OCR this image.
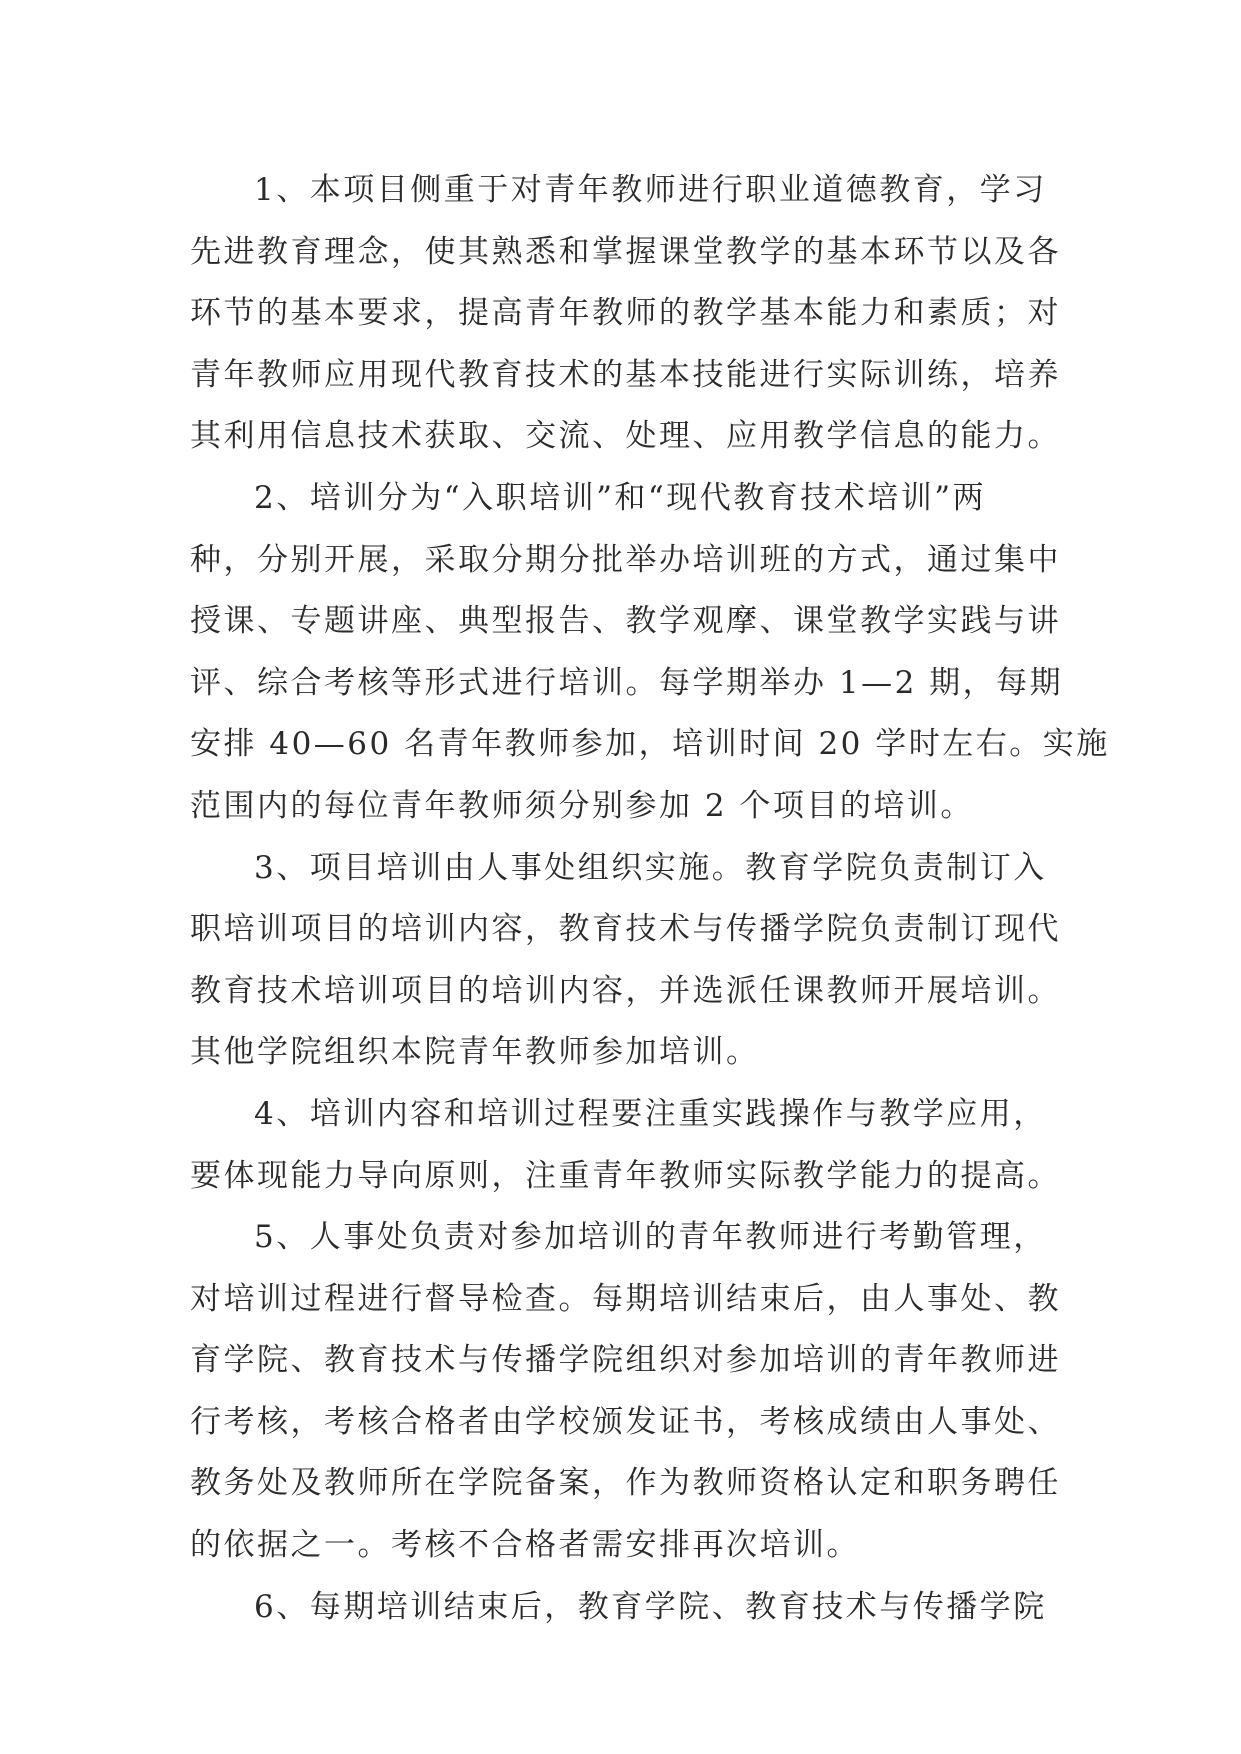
1、本项目侧重于对青年教师进行职业道德教育，学习
先进教育理念，使其熟悉和掌握课堂教学的基本环节以及各
环节的基本要求，提高青年教师的教学基本能力和素质；对
青年教师应用现代教育技术的基本技能进行实际训练，培养
其利用信息技术获取、交流、处理、应用教学信息的能力。
2、培训分为“入职培训”和“现代教育技术培训”两
种，分别开展，采取分期分批举办培训班的方式，通过集中
授课、专题讲座、典型报告、教学观摩、课堂教学实践与讲
评、综合考核等形式进行培训。每学期举办 1—2 期，每期
安排 40—60 名青年教师参加，培训时间 20 学时左右。实施
范围内的每位青年教师须分别参加 2 个项目的培训。
3、项目培训由人事处组织实施。教育学院负责制订入
职培训项目的培训内容，教育技术与传播学院负责制订现代
教育技术培训项目的培训内容，并选派任课教师开展培训。
其他学院组织本院青年教师参加培训。
4、培训内容和培训过程要注重实践操作与教学应用，
要体现能力导向原则，注重青年教师实际教学能力的提高。
5、人事处负责对参加培训的青年教师进行考勤管理，
对培训过程进行督导检查。每期培训结束后，由人事处、教
育学院、教育技术与传播学院组织对参加培训的青年教师进
行考核，考核合格者由学校颁发证书，考核成绩由人事处、
教务处及教师所在学院备案，作为教师资格认定和职务聘任
的依据之一。考核不合格者需安排再次培训。
6、每期培训结束后，教育学院、教育技术与传播学院
